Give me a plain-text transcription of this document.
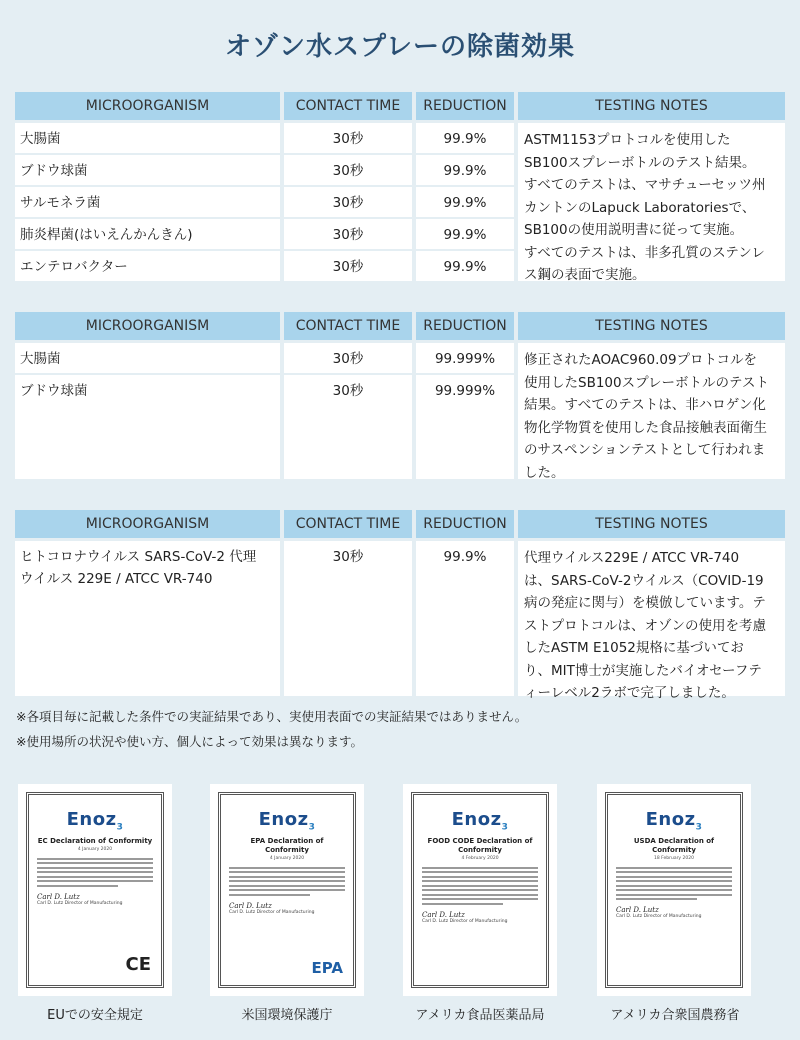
オゾン水スプレーの除菌効果
MICROORGANISM	CONTACT TIME	REDUCTION	TESTING NOTES
大腸菌	30秒	99.9%
ブドウ球菌	30秒	99.9%
サルモネラ菌	30秒	99.9%
肺炎桿菌(はいえんかんきん)	30秒	99.9%
エンテロバクター	30秒	99.9%
ASTM1153プロトコルを使用した
SB100スプレーボトルのテスト結果。
すべてのテストは、マサチューセッツ州
カントンのLapuck Laboratoriesで、
SB100の使用説明書に従って実施。
すべてのテストは、非多孔質のステンレ
ス鋼の表面で実施。
MICROORGANISM	CONTACT TIME	REDUCTION	TESTING NOTES
大腸菌	30秒	99.999%
ブドウ球菌	30秒	99.999%
修正されたAOAC960.09プロトコルを
使用したSB100スプレーボトルのテスト
結果。すべてのテストは、非ハロゲン化
物化学物質を使用した食品接触表面衛生
のサスペンションテストとして行われま
した。
MICROORGANISM	CONTACT TIME	REDUCTION	TESTING NOTES
ヒトコロナウイルス SARS-CoV-2 代理
ウイルス 229E / ATCC VR-740
30秒	99.9%	代理ウイルス229E / ATCC VR-740
は、SARS-CoV-2ウイルス（COVID-19
病の発症に関与）を模倣しています。テ
ストプロトコルは、オゾンの使用を考慮
したASTM E1052規格に基づいてお
り、MIT博士が実施したバイオセーフテ
ィーレベル2ラボで完了しました。
※各項目毎に記載した条件での実証結果であり、実使用表面での実証結果ではありません。
※使用場所の状況や使い方、個人によって効果は異なります。
Enoz$_3$
EC Declaration of Conformity
4 January 2020
Carl D. Lutz
Carl D. Lutz Director of Manufacturing
CE
EUでの安全規定
Enoz$_3$
EPA Declaration of Conformity
4 January 2020
Carl D. Lutz
Carl D. Lutz Director of Manufacturing
EPA
米国環境保護庁
Enoz$_3$
FOOD CODE Declaration of Conformity
4 February 2020
Carl D. Lutz
Carl D. Lutz Director of Manufacturing
アメリカ食品医薬品局
Enoz$_3$
USDA Declaration of Conformity
18 February 2020
Carl D. Lutz
Carl D. Lutz Director of Manufacturing
アメリカ合衆国農務省
